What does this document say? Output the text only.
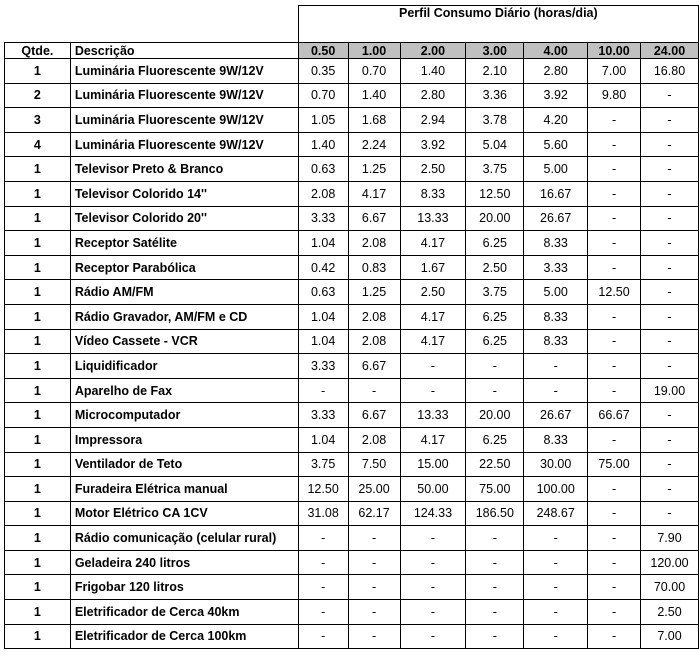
		Perfil Consumo Diário (horas/dia)						
Qtde.	Descrição	0.50	1.00	2.00	3.00	4.00	10.00	24.00
1	Luminária Fluorescente 9W/12V	0.35	0.70	1.40	2.10	2.80	7.00	16.80
2	Luminária Fluorescente 9W/12V	0.70	1.40	2.80	3.36	3.92	9.80	-
3	Luminária Fluorescente 9W/12V	1.05	1.68	2.94	3.78	4.20	-	-
4	Luminária Fluorescente 9W/12V	1.40	2.24	3.92	5.04	5.60	-	-
1	Televisor Preto & Branco	0.63	1.25	2.50	3.75	5.00	-	-
1	Televisor Colorido 14''	2.08	4.17	8.33	12.50	16.67	-	-
1	Televisor Colorido 20''	3.33	6.67	13.33	20.00	26.67	-	-
1	Receptor Satélite	1.04	2.08	4.17	6.25	8.33	-	-
1	Receptor Parabólica	0.42	0.83	1.67	2.50	3.33	-	-
1	Rádio AM/FM	0.63	1.25	2.50	3.75	5.00	12.50	-
1	Rádio Gravador, AM/FM e CD	1.04	2.08	4.17	6.25	8.33	-	-
1	Vídeo Cassete - VCR	1.04	2.08	4.17	6.25	8.33	-	-
1	Liquidificador	3.33	6.67	-	-	-	-	-
1	Aparelho de Fax	-	-	-	-	-	-	19.00
1	Microcomputador	3.33	6.67	13.33	20.00	26.67	66.67	-
1	Impressora	1.04	2.08	4.17	6.25	8.33	-	-
1	Ventilador de Teto	3.75	7.50	15.00	22.50	30.00	75.00	-
1	Furadeira Elétrica manual	12.50	25.00	50.00	75.00	100.00	-	-
1	Motor Elétrico CA 1CV	31.08	62.17	124.33	186.50	248.67	-	-
1	Rádio comunicação (celular rural)	-	-	-	-	-	-	7.90
1	Geladeira 240 litros	-	-	-	-	-	-	120.00
1	Frigobar 120 litros	-	-	-	-	-	-	70.00
1	Eletrificador de Cerca 40km	-	-	-	-	-	-	2.50
1	Eletrificador de Cerca 100km	-	-	-	-	-	-	7.00
